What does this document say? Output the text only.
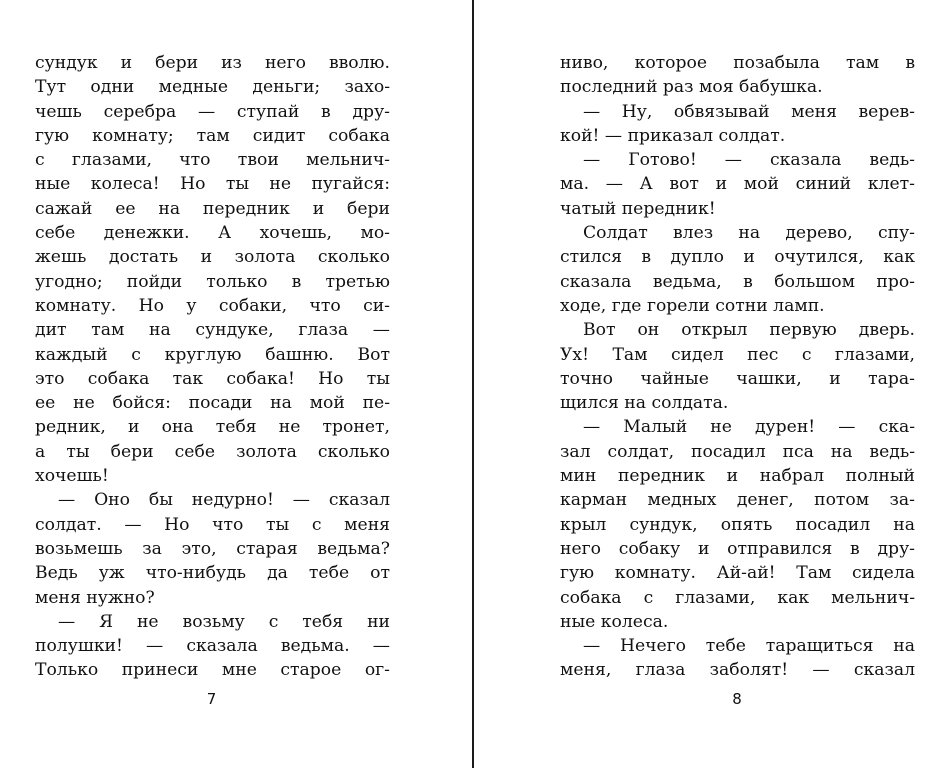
сундук и бери из него вволю.
Тут одни медные деньги; захо-
чешь серебра — ступай в дру-
гую комнату; там сидит собака
с глазами, что твои мельнич-
ные колеса! Но ты не пугайся:
сажай ее на передник и бери
себе денежки. А хочешь, мо-
жешь достать и золота сколько
угодно; пойди только в третью
комнату. Но у собаки, что си-
дит там на сундуке, глаза —
каждый с круглую башню. Вот
это собака так собака! Но ты
ее не бойся: посади на мой пе-
редник, и она тебя не тронет,
а ты бери себе золота сколько
хочешь!
— Оно бы недурно! — сказал
солдат. — Но что ты с меня
возьмешь за это, старая ведьма?
Ведь уж что-нибудь да тебе от
меня нужно?
— Я не возьму с тебя ни
полушки! — сказала ведьма. —
Только принеси мне старое ог-
7
ниво, которое позабыла там в
последний раз моя бабушка.
— Ну, обвязывай меня верев-
кой! — приказал солдат.
— Готово! — сказала ведь-
ма. — А вот и мой синий клет-
чатый передник!
Солдат влез на дерево, спу-
стился в дупло и очутился, как
сказала ведьма, в большом про-
ходе, где горели сотни ламп.
Вот он открыл первую дверь.
Ух! Там сидел пес с глазами,
точно чайные чашки, и тара-
щился на солдата.
— Малый не дурен! — ска-
зал солдат, посадил пса на ведь-
мин передник и набрал полный
карман медных денег, потом за-
крыл сундук, опять посадил на
него собаку и отправился в дру-
гую комнату. Ай-ай! Там сидела
собака с глазами, как мельнич-
ные колеса.
— Нечего тебе таращиться на
меня, глаза заболят! — сказал
8
